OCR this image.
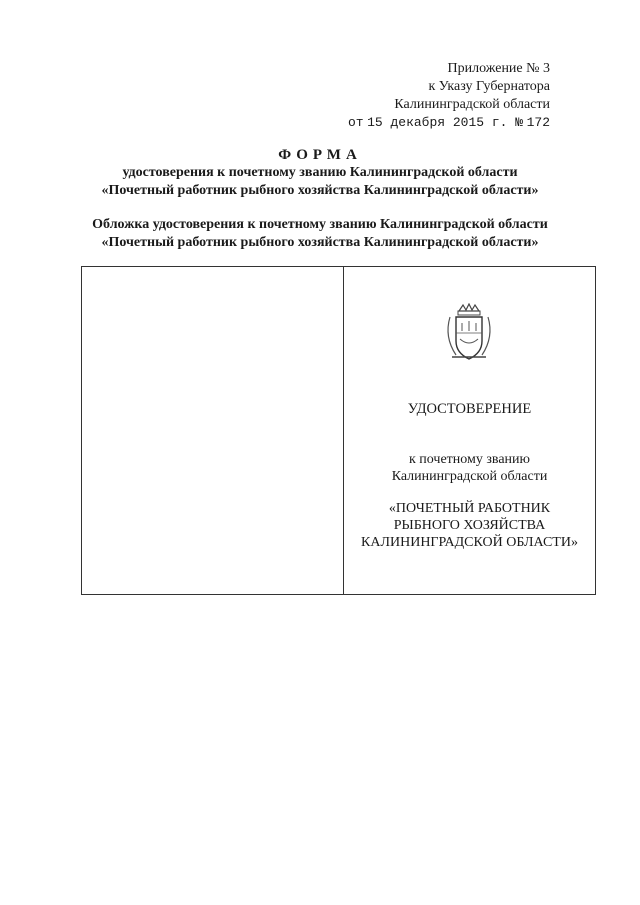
Приложение № 3
к Указу Губернатора
Калининградской области
от 15 декабря 2015 г. № 172
ФОРМА
удостоверения к почетному званию Калининградской области
«Почетный работник рыбного хозяйства Калининградской области»
Обложка удостоверения к почетному званию Калининградской области
«Почетный работник рыбного хозяйства Калининградской области»
УДОСТОВЕРЕНИЕ
к почетному званию
Калининградской области
«ПОЧЕТНЫЙ РАБОТНИК
РЫБНОГО ХОЗЯЙСТВА
КАЛИНИНГРАДСКОЙ ОБЛАСТИ»
